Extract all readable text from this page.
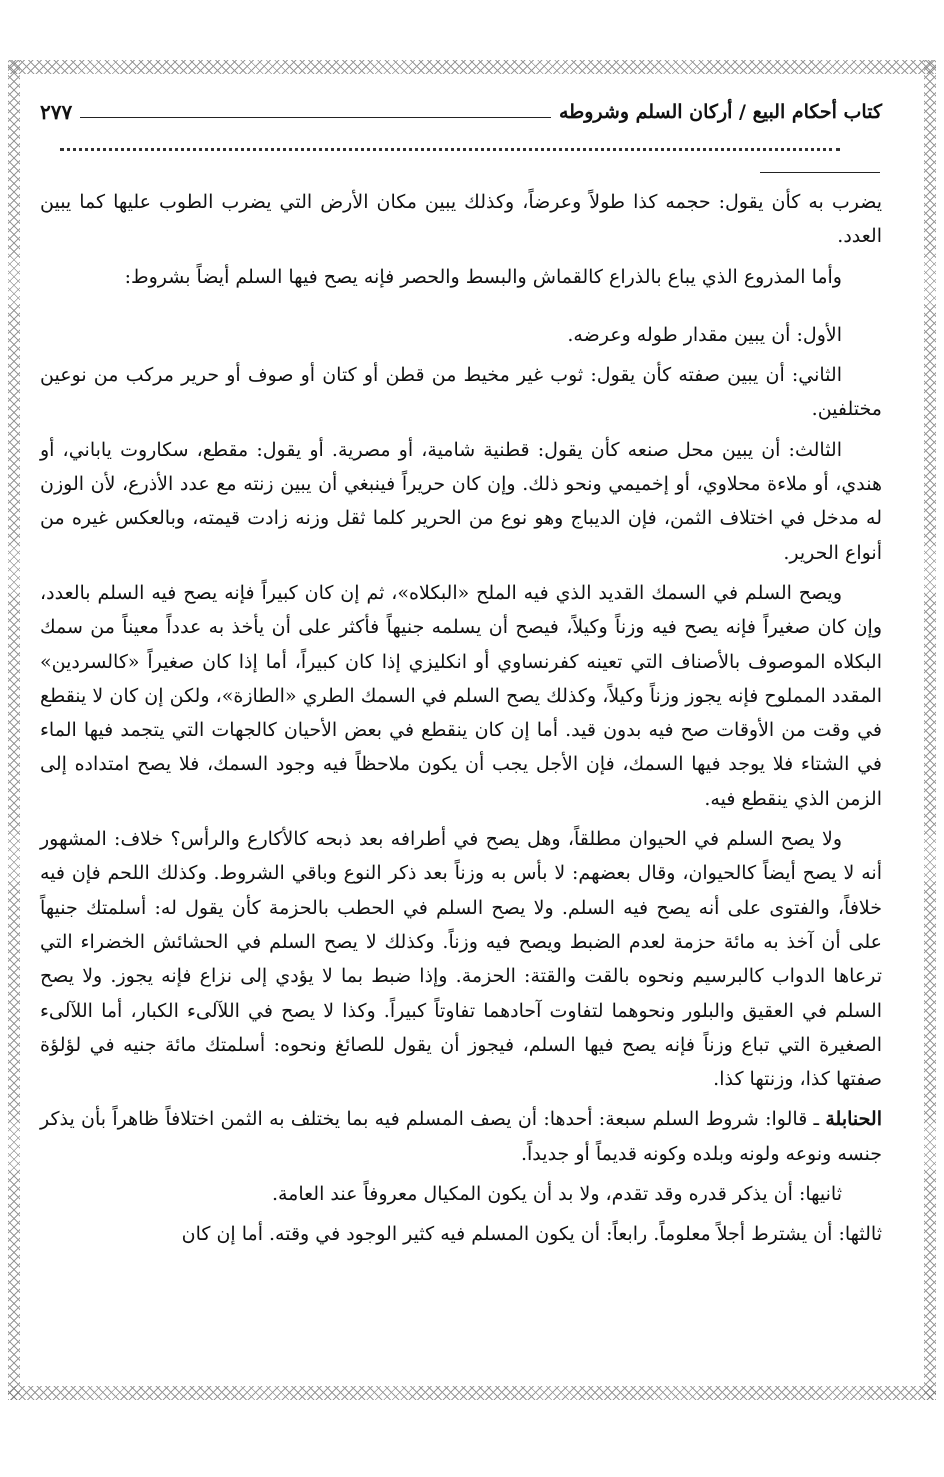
كتاب أحكام البيع / أركان السلم وشروطه
٢٧٧

يضرب به كأن يقول: حجمه كذا طولاً وعرضاً، وكذلك يبين مكان الأرض التي يضرب الطوب عليها كما يبين العدد.

وأما المذروع الذي يباع بالذراع كالقماش والبسط والحصر فإنه يصح فيها السلم أيضاً بشروط:

الأول: أن يبين مقدار طوله وعرضه.

الثاني: أن يبين صفته كأن يقول: ثوب غير مخيط من قطن أو كتان أو صوف أو حرير مركب من نوعين مختلفين.

الثالث: أن يبين محل صنعه كأن يقول: قطنية شامية، أو مصرية. أو يقول: مقطع، سكاروت ياباني، أو هندي، أو ملاءة محلاوي، أو إخميمي ونحو ذلك. وإن كان حريراً فينبغي أن يبين زنته مع عدد الأذرع، لأن الوزن له مدخل في اختلاف الثمن، فإن الديباج وهو نوع من الحرير كلما ثقل وزنه زادت قيمته، وبالعكس غيره من أنواع الحرير.

ويصح السلم في السمك القديد الذي فيه الملح «البكلاه»، ثم إن كان كبيراً فإنه يصح فيه السلم بالعدد، وإن كان صغيراً فإنه يصح فيه وزناً وكيلاً، فيصح أن يسلمه جنيهاً فأكثر على أن يأخذ به عدداً معيناً من سمك البكلاه الموصوف بالأصناف التي تعينه كفرنساوي أو انكليزي إذا كان كبيراً، أما إذا كان صغيراً «كالسردين» المقدد المملوح فإنه يجوز وزناً وكيلاً، وكذلك يصح السلم في السمك الطري «الطازة»، ولكن إن كان لا ينقطع في وقت من الأوقات صح فيه بدون قيد. أما إن كان ينقطع في بعض الأحيان كالجهات التي يتجمد فيها الماء في الشتاء فلا يوجد فيها السمك، فإن الأجل يجب أن يكون ملاحظاً فيه وجود السمك، فلا يصح امتداده إلى الزمن الذي ينقطع فيه.

ولا يصح السلم في الحيوان مطلقاً، وهل يصح في أطرافه بعد ذبحه كالأكارع والرأس؟ خلاف: المشهور أنه لا يصح أيضاً كالحيوان، وقال بعضهم: لا بأس به وزناً بعد ذكر النوع وباقي الشروط. وكذلك اللحم فإن فيه خلافاً، والفتوى على أنه يصح فيه السلم. ولا يصح السلم في الحطب بالحزمة كأن يقول له: أسلمتك جنيهاً على أن آخذ به مائة حزمة لعدم الضبط ويصح فيه وزناً. وكذلك لا يصح السلم في الحشائش الخضراء التي ترعاها الدواب كالبرسيم ونحوه بالقت والقتة: الحزمة. وإذا ضبط بما لا يؤدي إلى نزاع فإنه يجوز. ولا يصح السلم في العقيق والبلور ونحوهما لتفاوت آحادهما تفاوتاً كبيراً. وكذا لا يصح في اللآلىء الكبار، أما اللآلىء الصغيرة التي تباع وزناً فإنه يصح فيها السلم، فيجوز أن يقول للصائغ ونحوه: أسلمتك مائة جنيه في لؤلؤة صفتها كذا، وزنتها كذا.

الحنابلة ـ قالوا: شروط السلم سبعة: أحدها: أن يصف المسلم فيه بما يختلف به الثمن اختلافاً ظاهراً بأن يذكر جنسه ونوعه ولونه وبلده وكونه قديماً أو جديداً.

ثانيها: أن يذكر قدره وقد تقدم، ولا بد أن يكون المكيال معروفاً عند العامة.

ثالثها: أن يشترط أجلاً معلوماً. رابعاً: أن يكون المسلم فيه كثير الوجود في وقته. أما إن كان
